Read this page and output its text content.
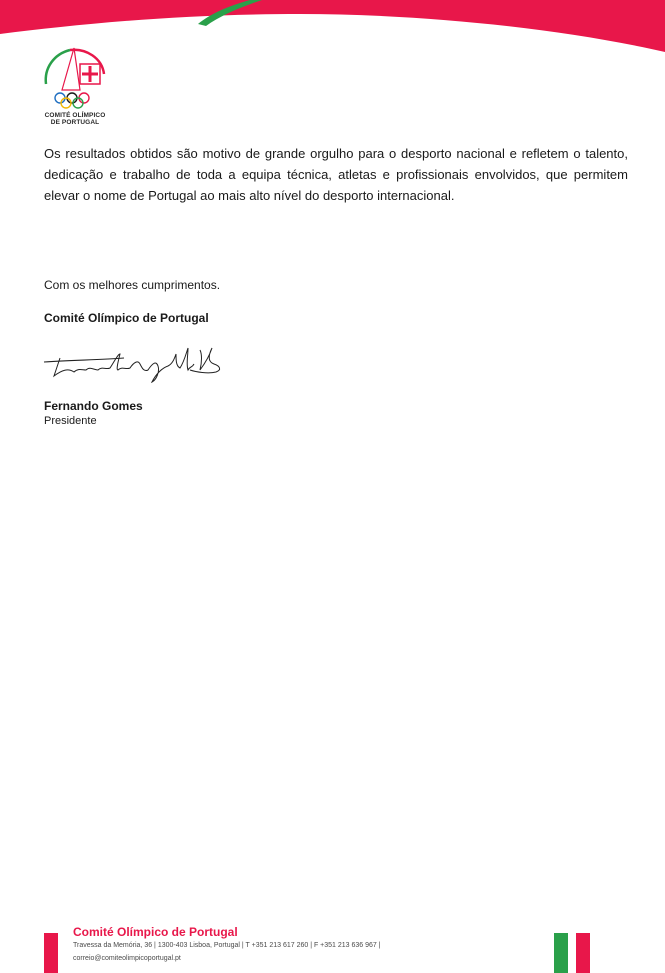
COMITÉ OLÍMPICO
DE PORTUGAL

Os resultados obtidos são motivo de grande orgulho para o desporto nacional e refletem o talento, dedicação e trabalho de toda a equipa técnica, atletas e profissionais envolvidos, que permitem elevar o nome de Portugal ao mais alto nível do desporto internacional.

Com os melhores cumprimentos.

Comité Olímpico de Portugal

Fernando Gomes

Presidente

Comité Olímpico de Portugal

Travessa da Memória, 36 | 1300-403 Lisboa, Portugal | T +351 213 617 260 | F +351 213 636 967 |

correio@comiteolimpicoportugal.pt
